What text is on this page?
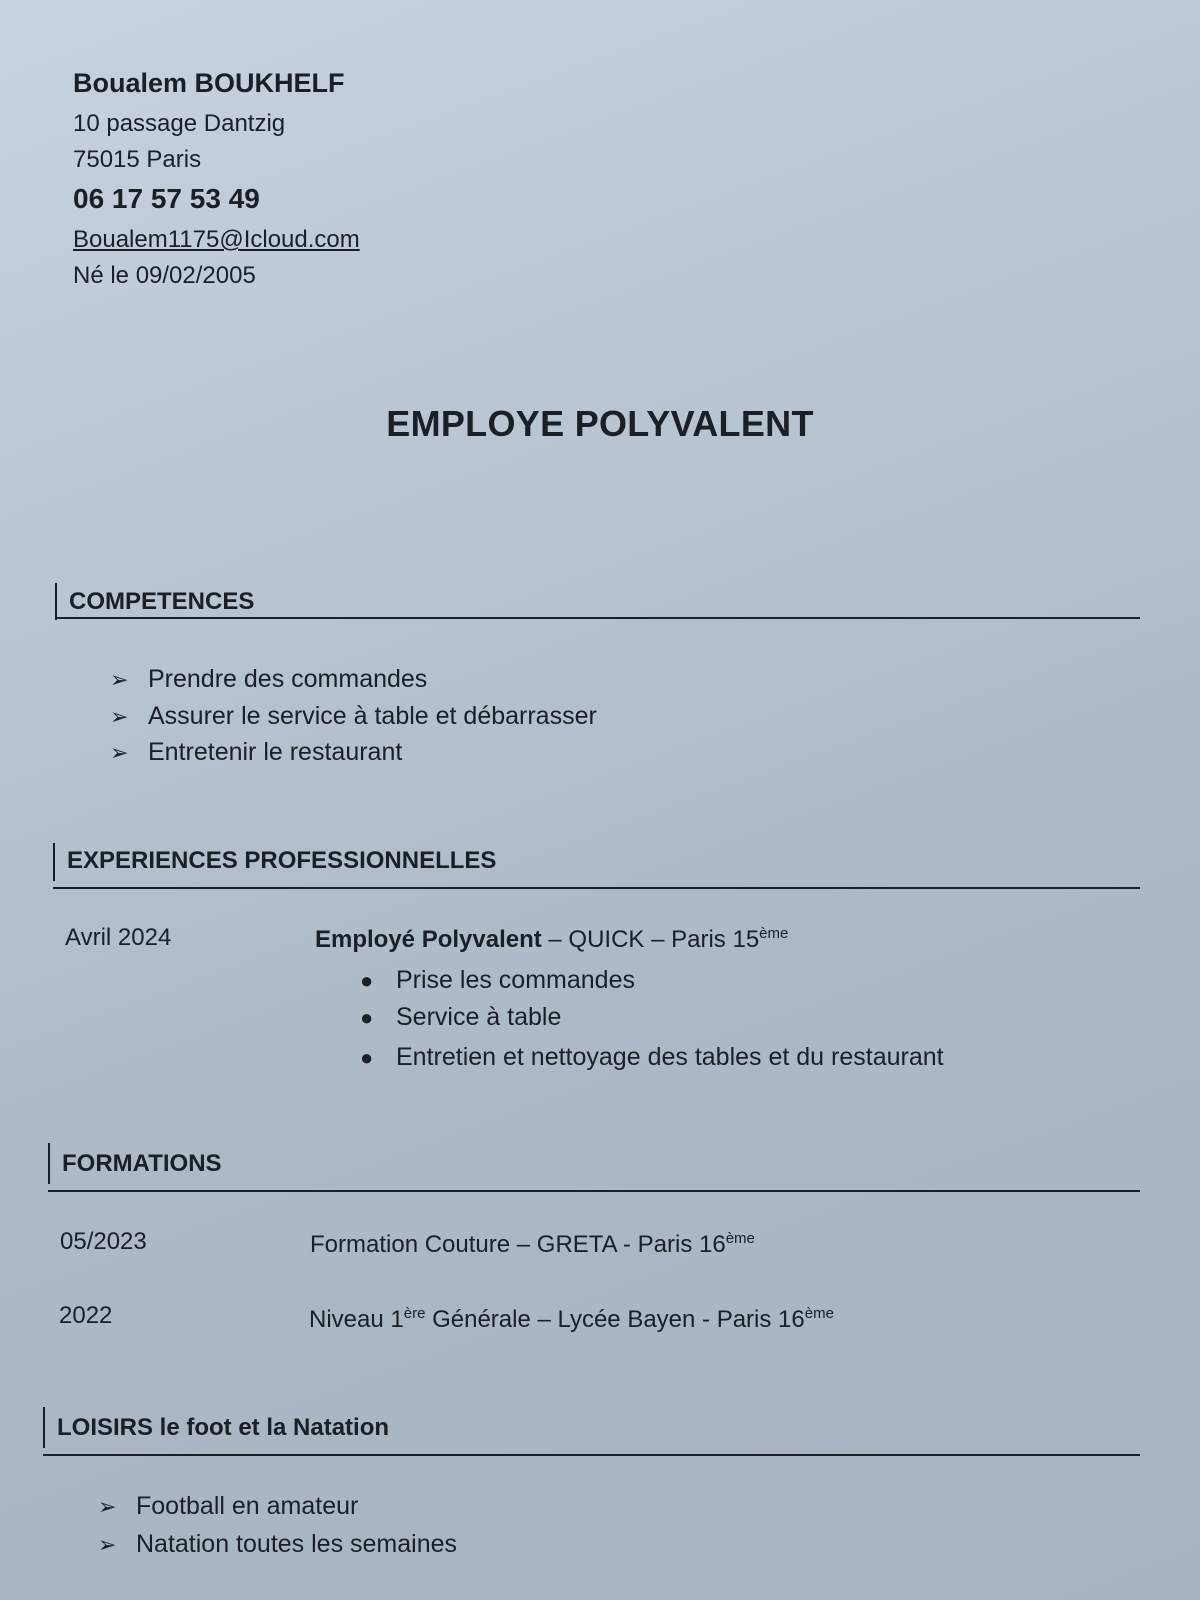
Boualem BOUKHELF
10 passage Dantzig
75015 Paris
06 17 57 53 49
Boualem1175@Icloud.com
Né le 09/02/2005
EMPLOYE POLYVALENT
COMPETENCES
➢ Prendre des commandes
➢ Assurer le service à table et débarrasser
➢ Entretenir le restaurant
EXPERIENCES PROFESSIONNELLES
Avril 2024	Employé Polyvalent – QUICK – Paris 15ème
● Prise les commandes
● Service à table
● Entretien et nettoyage des tables et du restaurant
FORMATIONS
05/2023	Formation Couture – GRETA - Paris 16ème
2022	Niveau 1ère Générale – Lycée Bayen - Paris 16ème
LOISIRS le foot et la Natation
➢ Football en amateur
➢ Natation toutes les semaines
